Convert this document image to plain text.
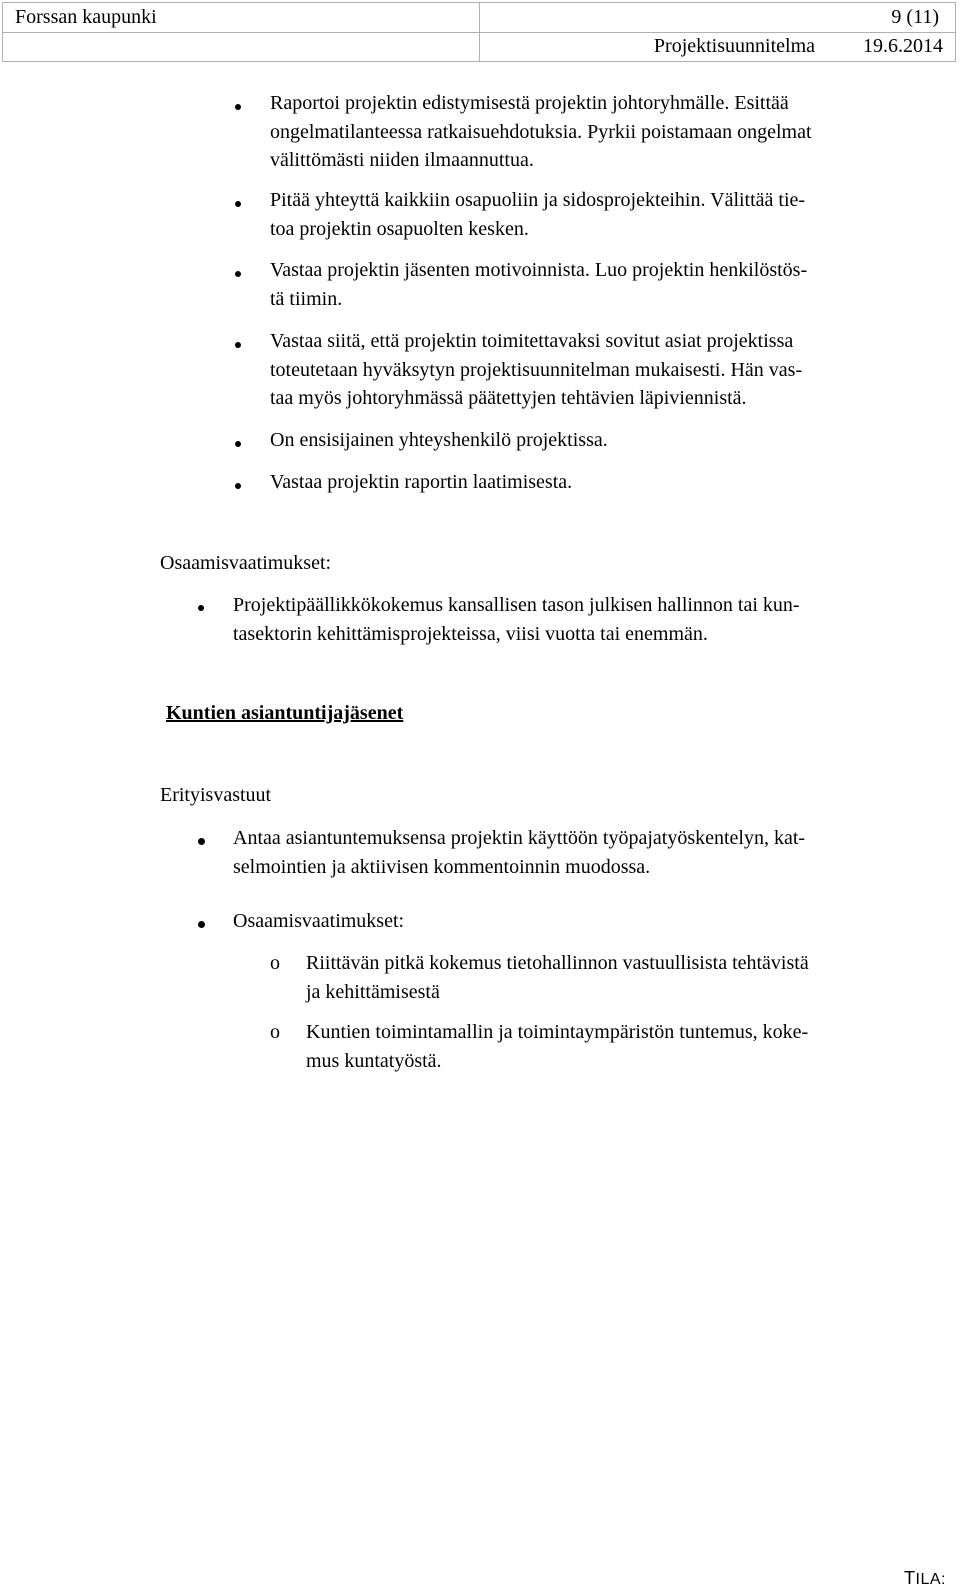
Forssan kaupunki	9 (11)

	Projektisuunnitelma 19.6.2014
Raportoi projektin edistymisestä projektin johtoryhmälle. Esittää
ongelmatilanteessa ratkaisuehdotuksia. Pyrkii poistamaan ongelmat
välittömästi niiden ilmaannuttua.
Pitää yhteyttä kaikkiin osapuoliin ja sidosprojekteihin. Välittää tie-
toa projektin osapuolten kesken.
Vastaa projektin jäsenten motivoinnista. Luo projektin henkilöstös-
tä tiimin.
Vastaa siitä, että projektin toimitettavaksi sovitut asiat projektissa
toteutetaan hyväksytyn projektisuunnitelman mukaisesti. Hän vas-
taa myös johtoryhmässä päätettyjen tehtävien läpiviennistä.
On ensisijainen yhteyshenkilö projektissa.
Vastaa projektin raportin laatimisesta.
Osaamisvaatimukset:
Projektipäällikkökokemus kansallisen tason julkisen hallinnon tai kun-
tasektorin kehittämisprojekteissa, viisi vuotta tai enemmän.
Kuntien asiantuntijajäsenet
Erityisvastuut
Antaa asiantuntemuksensa projektin käyttöön työpajatyöskentelyn, kat-
selmointien ja aktiivisen kommentoinnin muodossa.
Osaamisvaatimukset:
o Riittävän pitkä kokemus tietohallinnon vastuullisista tehtävistä
ja kehittämisestä
o Kuntien toimintamallin ja toimintaympäristön tuntemus, koke-
mus kuntatyöstä.
TILA:
